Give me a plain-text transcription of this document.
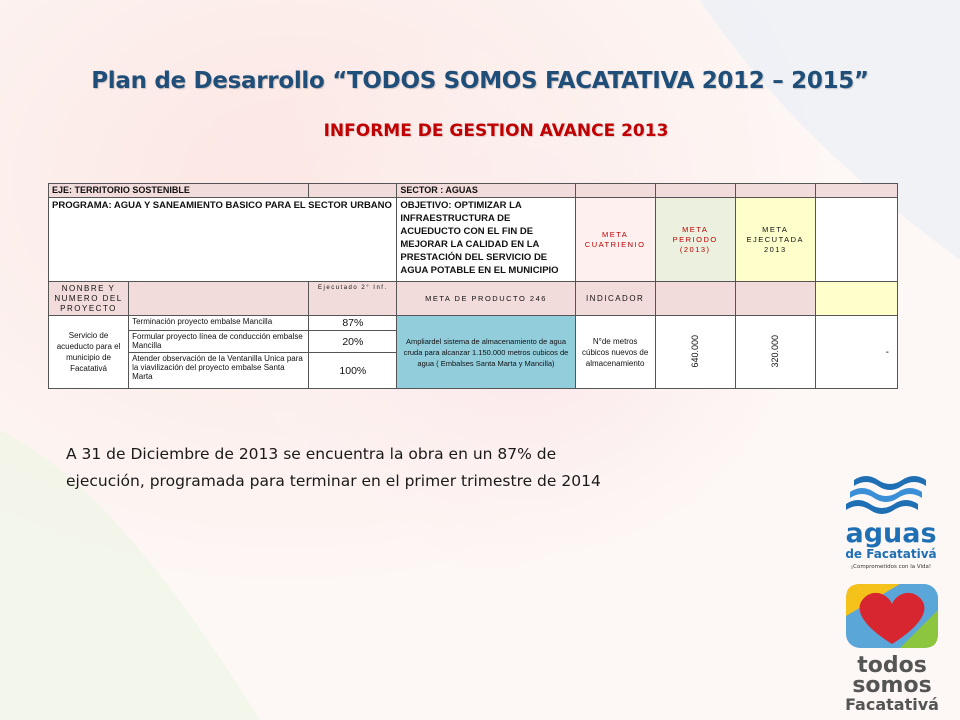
Plan de Desarrollo “TODOS SOMOS FACATATIVA 2012 – 2015”
INFORME DE GESTION AVANCE 2013
EJE: TERRITORIO SOSTENIBLE			SECTOR : AGUAS				
PROGRAMA: AGUA Y SANEAMIENTO BASICO PARA EL SECTOR URBANO			OBJETIVO: OPTIMIZAR LA INFRAESTRUCTURA DE ACUEDUCTO CON EL FIN DE MEJORAR LA CALIDAD EN LA PRESTACIÓN DEL SERVICIO DE AGUA POTABLE EN EL MUNICIPIO	META CUATRIENIO	META PERIODO (2013)	META EJECUTADA 2013	
NONBRE Y NUMERO DEL PROYECTO		Ejecutado 2° Inf.	META DE PRODUCTO 246	INDICADOR			
Servicio de acueducto para el municipio de Facatativá	Terminación proyecto embalse Mancilla	87%	Ampliardel sistema de almacenamiento de agua cruda para alcanzar 1.150.000 metros cubicos de agua ( Embalses Santa Marta y Mancilla)	N°de metros cúbicos nuevos de almacenamiento	640.000	320.000	-
	Formular proyecto línea de conducción embalse Mancilla	20%					
	Atender observación de la Ventanilla Unica para la viavilización del proyecto embalse Santa Marta	100%					
A 31 de Diciembre de 2013 se encuentra la obra en un 87% de ejecución, programada para terminar en el primer trimestre de 2014
aguas
de Facatativá
¡Comprometidos con la Vida!
todos
somos
Facatativá
